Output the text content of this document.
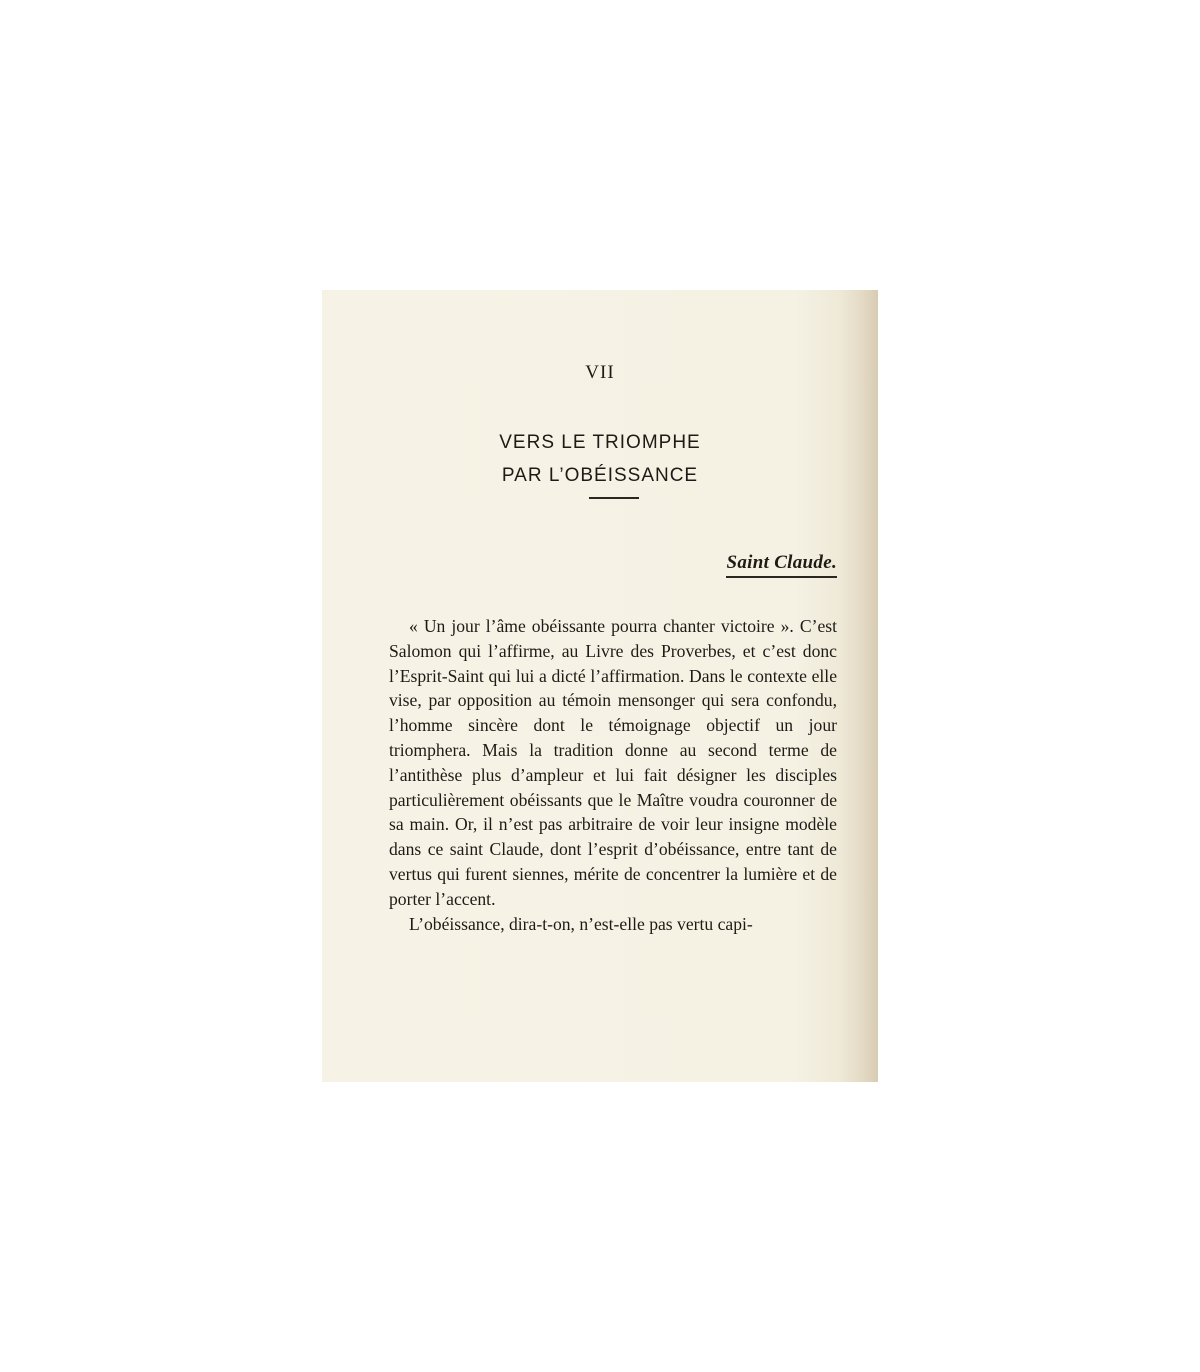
VII
VERS LE TRIOMPHE
PAR L’OBÉISSANCE
Saint Claude.

« Un jour l’âme obéissante pourra chanter victoire ». C’est Salomon qui l’affirme, au Livre des Proverbes, et c’est donc l’Esprit-Saint qui lui a dicté l’affirmation. Dans le contexte elle vise, par opposition au témoin mensonger qui sera confondu, l’homme sincère dont le témoignage objectif un jour triomphera. Mais la tradition donne au second terme de l’antithèse plus d’ampleur et lui fait désigner les disciples particulièrement obéissants que le Maître voudra couronner de sa main. Or, il n’est pas arbitraire de voir leur insigne modèle dans ce saint Claude, dont l’esprit d’obéissance, entre tant de vertus qui furent siennes, mérite de concentrer la lumière et de porter l’accent.

L’obéissance, dira-t-on, n’est-elle pas vertu capi-
